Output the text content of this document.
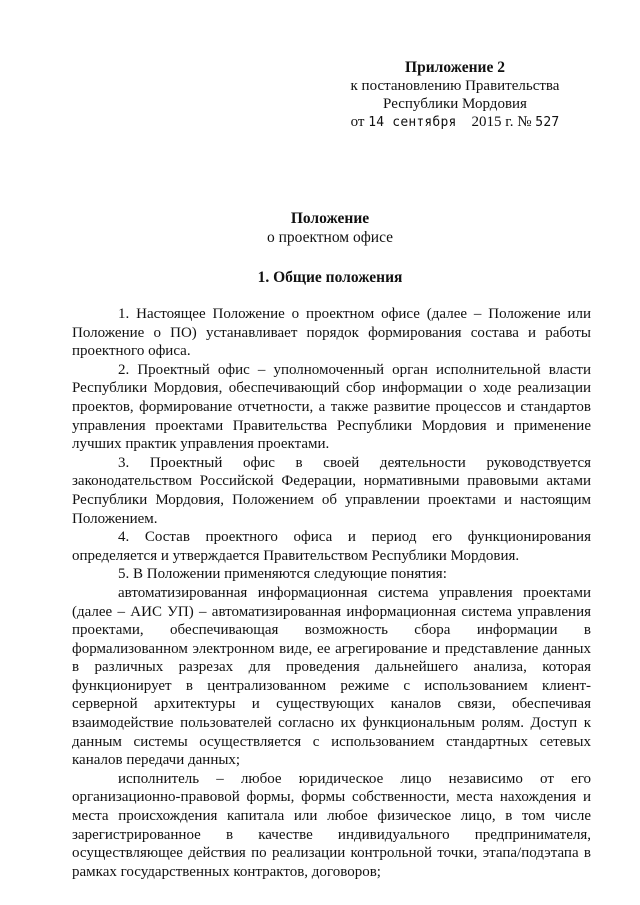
Приложение 2
к постановлению Правительства
Республики Мордовия
от 14 сентября 2015 г. № 527
Положение
о проектном офисе
1. Общие положения

1. Настоящее Положение о проектном офисе (далее – Положение или Положение о ПО) устанавливает порядок формирования состава и работы проектного офиса.

2. Проектный офис – уполномоченный орган исполнительной власти Республики Мордовия, обеспечивающий сбор информации о ходе реализации проектов, формирование отчетности, а также развитие процессов и стандартов управления проектами Правительства Республики Мордовия и применение лучших практик управления проектами.

3. Проектный офис в своей деятельности руководствуется законодательством Российской Федерации, нормативными правовыми актами Республики Мордовия, Положением об управлении проектами и настоящим Положением.

4. Состав проектного офиса и период его функционирования определяется и утверждается Правительством Республики Мордовия.

5. В Положении применяются следующие понятия:

автоматизированная информационная система управления проектами (далее – АИС УП) – автоматизированная информационная система управления проектами, обеспечивающая возможность сбора информации в формализованном электронном виде, ее агрегирование и представление данных в различных разрезах для проведения дальнейшего анализа, которая функционирует в централизованном режиме с использованием клиент-серверной архитектуры и существующих каналов связи, обеспечивая взаимодействие пользователей согласно их функциональным ролям. Доступ к данным системы осуществляется с использованием стандартных сетевых каналов передачи данных;

исполнитель – любое юридическое лицо независимо от его организационно-правовой формы, формы собственности, места нахождения и места происхождения капитала или любое физическое лицо, в том числе зарегистрированное в качестве индивидуального предпринимателя, осуществляющее действия по реализации контрольной точки, этапа/подэтапа в рамках государственных контрактов, договоров;
